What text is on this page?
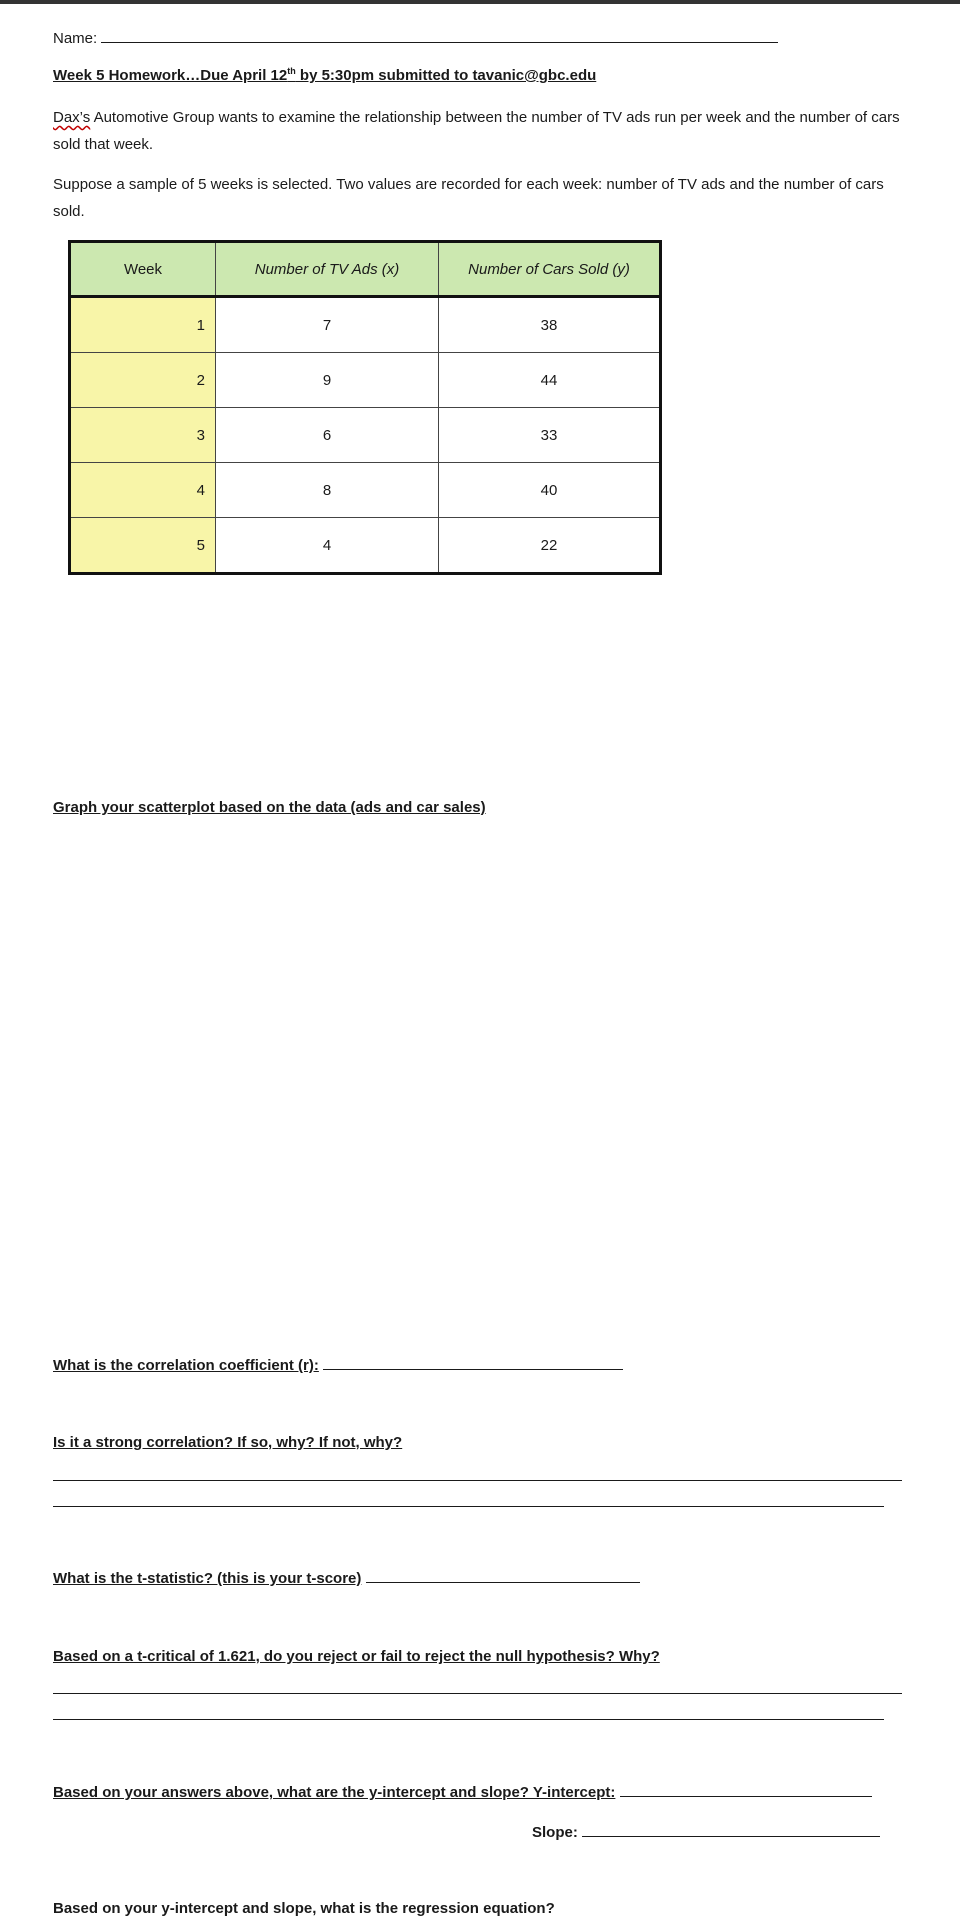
Name:
Week 5 Homework…Due April 12th by 5:30pm submitted to tavanic@gbc.edu

Dax’s Automotive Group wants to examine the relationship between the number of TV ads run per week and the number of cars sold that week.

Suppose a sample of 5 weeks is selected. Two values are recorded for each week: number of TV ads and the number of cars sold.

Week	Number of TV Ads (x)	Number of Cars Sold (y)
1	7	38
2	9	44
3	6	33
4	8	40
5	4	22
Graph your scatterplot based on the data (ads and car sales)
What is the correlation coefficient (r):
Is it a strong correlation? If so, why? If not, why?
What is the t-statistic? (this is your t-score)
Based on a t-critical of 1.621, do you reject or fail to reject the null hypothesis? Why?
Based on your answers above, what are the y-intercept and slope? Y-intercept:
Slope:
Based on your y-intercept and slope, what is the regression equation?
